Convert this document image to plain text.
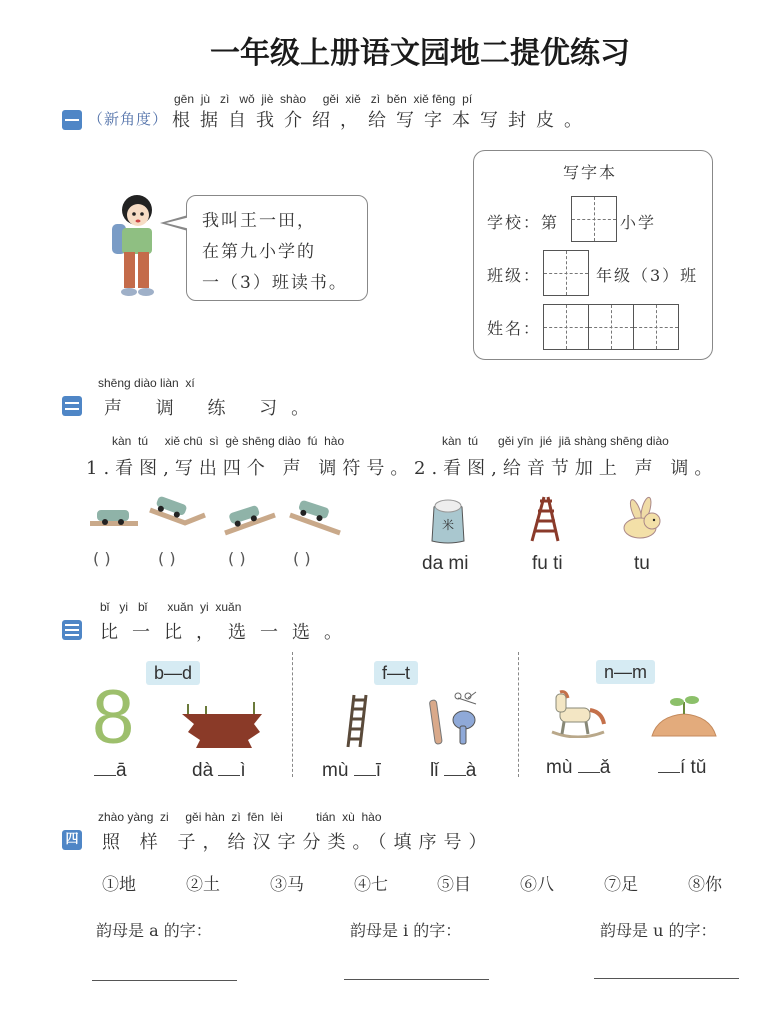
一年级上册语文园地二提优练习
gēn  jù   zì   wǒ  jiè  shào     gěi  xiě   zì  běn  xiě fēng  pí
（新角度） 根据自我介绍，给写字本写封皮。
我叫王一田，
在第九小学的
一（3）班读书。
写字本
学校：第	小学
班级：	年级（3）班
姓名：
shēng diào liàn  xí
声 调 练 习。
kàn  tú     xiě chū  sì  gè shēng diào  fú  hào
1.看图,写出四个 声 调符号。
kàn  tú      gěi yīn  jié  jiā shàng shēng diào
2.看图,给音节加上 声 调。
( )	( )	( )	( )
米
da mi	fu ti	tu
bǐ   yi   bǐ      xuǎn  yi  xuǎn
比一比，选一选。
b—d	f—t	n—m
8
ā	dà ì	mù ī	lǐ à	mù ǎ	í tǔ
zhào yàng  zi     gěi hàn  zì  fēn  lèi          tián  xù  hào
四 照 样 子，给汉字分类。（填序号）
①地	②土	③马	④七	⑤目	⑥八	⑦足	⑧你
韵母是 a 的字：	韵母是 i 的字：	韵母是 u 的字：
